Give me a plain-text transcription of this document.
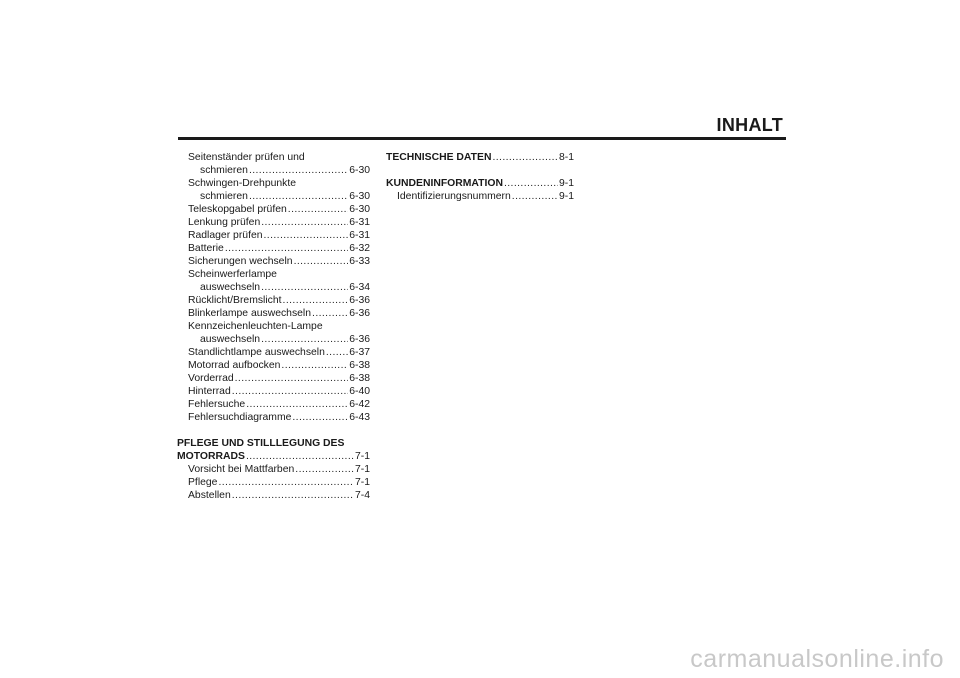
INHALT
Seitenständer prüfen und
schmieren .....	6-30
Schwingen-Drehpunkte
schmieren .....	6-30
Teleskopgabel prüfen .....	6-30
Lenkung prüfen .....	6-31
Radlager prüfen .....	6-31
Batterie .....	6-32
Sicherungen wechseln .....	6-33
Scheinwerferlampe
auswechseln .....	6-34
Rücklicht/Bremslicht .....	6-36
Blinkerlampe auswechseln .....	6-36
Kennzeichenleuchten-Lampe
auswechseln .....	6-36
Standlichtlampe auswechseln ..... 6-37
Motorrad aufbocken .....	6-38
Vorderrad .....	6-38
Hinterrad .....	6-40
Fehlersuche .....	6-42
Fehlersuchdiagramme .....	6-43
PFLEGE UND STILLLEGUNG DES
MOTORRADS .....	7-1
Vorsicht bei Mattfarben .....	7-1
Pflege .....	7-1
Abstellen .....	7-4
TECHNISCHE DATEN .....	8-1
KUNDENINFORMATION .....	9-1
Identifizierungsnummern .....	9-1
carmanualsonline.info
